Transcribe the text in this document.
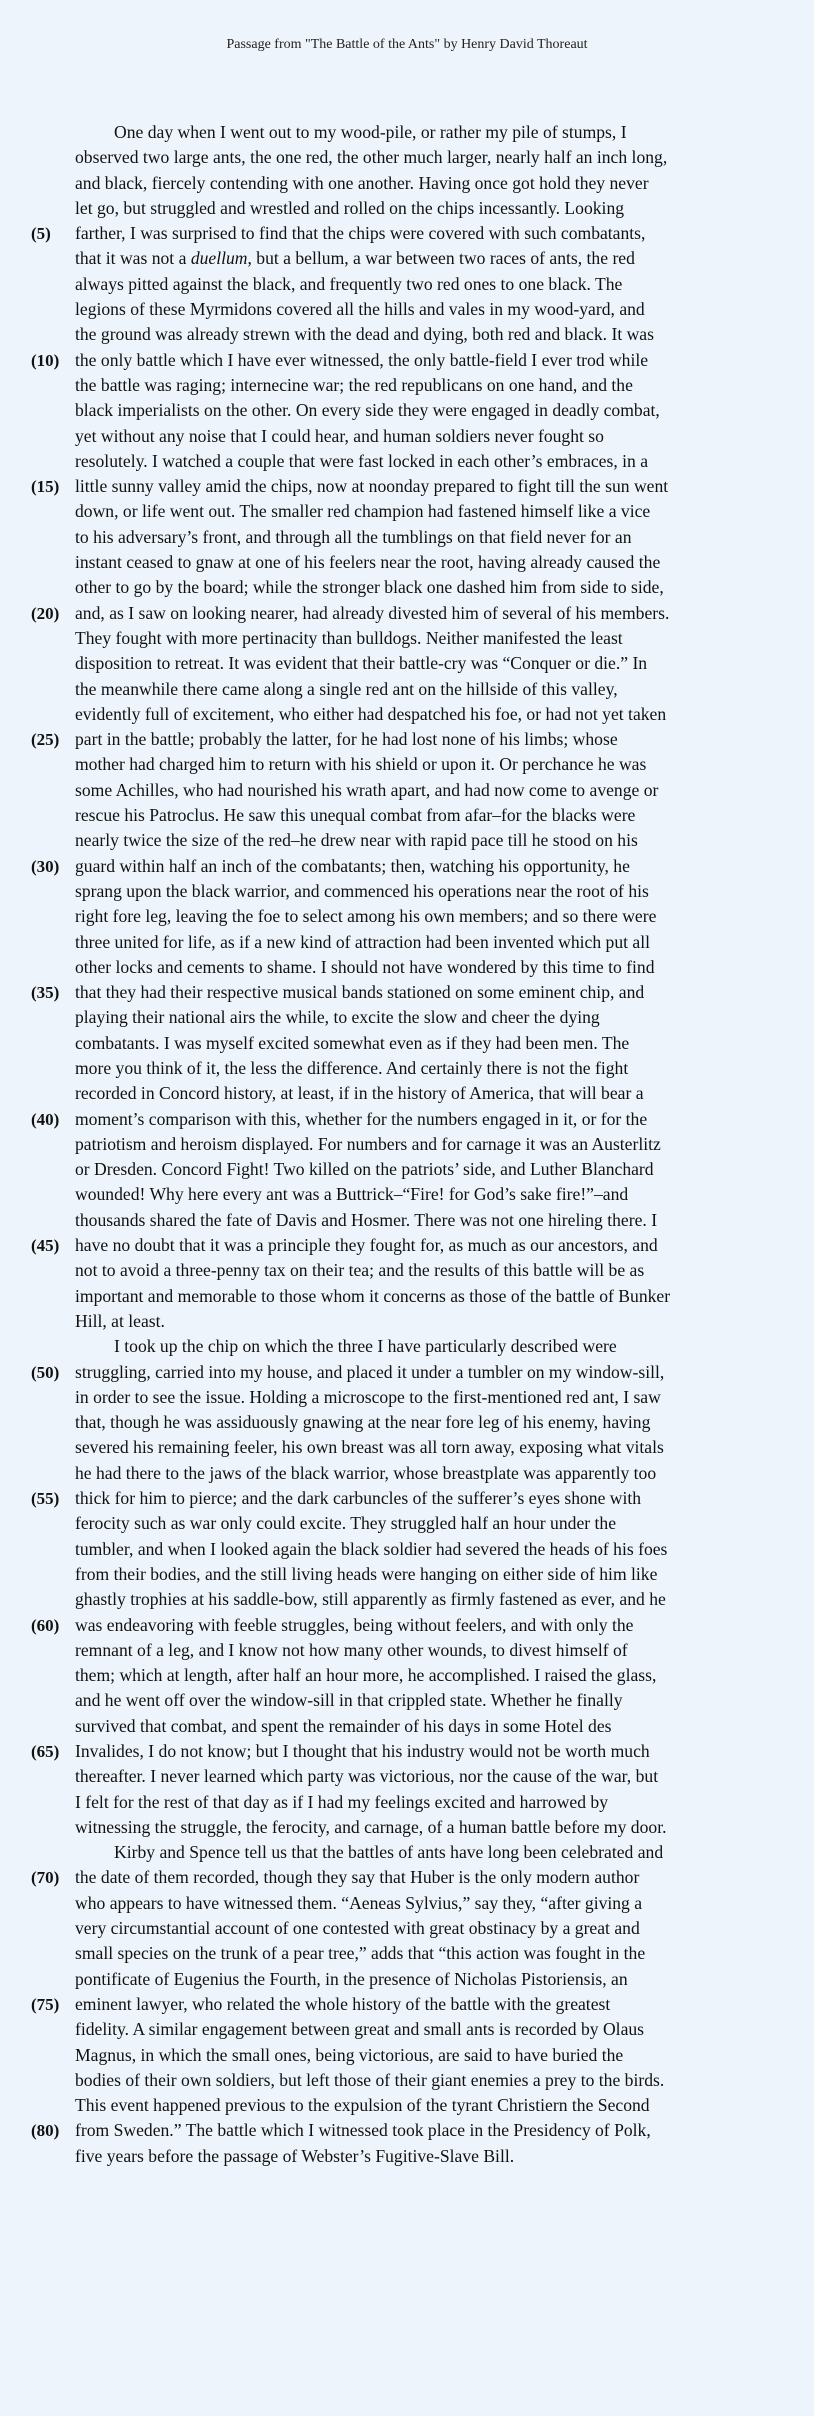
Passage from "The Battle of the Ants" by Henry David Thoreaut
One day when I went out to my wood-pile, or rather my pile of stumps, I
observed two large ants, the one red, the other much larger, nearly half an inch long,
and black, fiercely contending with one another. Having once got hold they never
let go, but struggled and wrestled and rolled on the chips incessantly. Looking
(5)	farther, I was surprised to find that the chips were covered with such combatants,
that it was not a duellum, but a bellum, a war between two races of ants, the red
always pitted against the black, and frequently two red ones to one black. The
legions of these Myrmidons covered all the hills and vales in my wood-yard, and
the ground was already strewn with the dead and dying, both red and black. It was
(10) the only battle which I have ever witnessed, the only battle-field I ever trod while
the battle was raging; internecine war; the red republicans on one hand, and the
black imperialists on the other. On every side they were engaged in deadly combat,
yet without any noise that I could hear, and human soldiers never fought so
resolutely. I watched a couple that were fast locked in each other’s embraces, in a
(15) little sunny valley amid the chips, now at noonday prepared to fight till the sun went
down, or life went out. The smaller red champion had fastened himself like a vice
to his adversary’s front, and through all the tumblings on that field never for an
instant ceased to gnaw at one of his feelers near the root, having already caused the
other to go by the board; while the stronger black one dashed him from side to side,
(20) and, as I saw on looking nearer, had already divested him of several of his members.
They fought with more pertinacity than bulldogs. Neither manifested the least
disposition to retreat. It was evident that their battle-cry was “Conquer or die.” In
the meanwhile there came along a single red ant on the hillside of this valley,
evidently full of excitement, who either had despatched his foe, or had not yet taken
(25) part in the battle; probably the latter, for he had lost none of his limbs; whose
mother had charged him to return with his shield or upon it. Or perchance he was
some Achilles, who had nourished his wrath apart, and had now come to avenge or
rescue his Patroclus. He saw this unequal combat from afar–for the blacks were
nearly twice the size of the red–he drew near with rapid pace till he stood on his
(30) guard within half an inch of the combatants; then, watching his opportunity, he
sprang upon the black warrior, and commenced his operations near the root of his
right fore leg, leaving the foe to select among his own members; and so there were
three united for life, as if a new kind of attraction had been invented which put all
other locks and cements to shame. I should not have wondered by this time to find
(35) that they had their respective musical bands stationed on some eminent chip, and
playing their national airs the while, to excite the slow and cheer the dying
combatants. I was myself excited somewhat even as if they had been men. The
more you think of it, the less the difference. And certainly there is not the fight
recorded in Concord history, at least, if in the history of America, that will bear a
(40) moment’s comparison with this, whether for the numbers engaged in it, or for the
patriotism and heroism displayed. For numbers and for carnage it was an Austerlitz
or Dresden. Concord Fight! Two killed on the patriots’ side, and Luther Blanchard
wounded! Why here every ant was a Buttrick–“Fire! for God’s sake fire!”–and
thousands shared the fate of Davis and Hosmer. There was not one hireling there. I
(45) have no doubt that it was a principle they fought for, as much as our ancestors, and
not to avoid a three-penny tax on their tea; and the results of this battle will be as
important and memorable to those whom it concerns as those of the battle of Bunker
Hill, at least.
I took up the chip on which the three I have particularly described were
(50) struggling, carried into my house, and placed it under a tumbler on my window-sill,
in order to see the issue. Holding a microscope to the first-mentioned red ant, I saw
that, though he was assiduously gnawing at the near fore leg of his enemy, having
severed his remaining feeler, his own breast was all torn away, exposing what vitals
he had there to the jaws of the black warrior, whose breastplate was apparently too
(55) thick for him to pierce; and the dark carbuncles of the sufferer’s eyes shone with
ferocity such as war only could excite. They struggled half an hour under the
tumbler, and when I looked again the black soldier had severed the heads of his foes
from their bodies, and the still living heads were hanging on either side of him like
ghastly trophies at his saddle-bow, still apparently as firmly fastened as ever, and he
(60) was endeavoring with feeble struggles, being without feelers, and with only the
remnant of a leg, and I know not how many other wounds, to divest himself of
them; which at length, after half an hour more, he accomplished. I raised the glass,
and he went off over the window-sill in that crippled state. Whether he finally
survived that combat, and spent the remainder of his days in some Hotel des
(65) Invalides, I do not know; but I thought that his industry would not be worth much
thereafter. I never learned which party was victorious, nor the cause of the war, but
I felt for the rest of that day as if I had my feelings excited and harrowed by
witnessing the struggle, the ferocity, and carnage, of a human battle before my door.
Kirby and Spence tell us that the battles of ants have long been celebrated and
(70) the date of them recorded, though they say that Huber is the only modern author
who appears to have witnessed them. “Aeneas Sylvius,” say they, “after giving a
very circumstantial account of one contested with great obstinacy by a great and
small species on the trunk of a pear tree,” adds that “this action was fought in the
pontificate of Eugenius the Fourth, in the presence of Nicholas Pistoriensis, an
(75) eminent lawyer, who related the whole history of the battle with the greatest
fidelity. A similar engagement between great and small ants is recorded by Olaus
Magnus, in which the small ones, being victorious, are said to have buried the
bodies of their own soldiers, but left those of their giant enemies a prey to the birds.
This event happened previous to the expulsion of the tyrant Christiern the Second
(80) from Sweden.” The battle which I witnessed took place in the Presidency of Polk,
five years before the passage of Webster’s Fugitive-Slave Bill.
